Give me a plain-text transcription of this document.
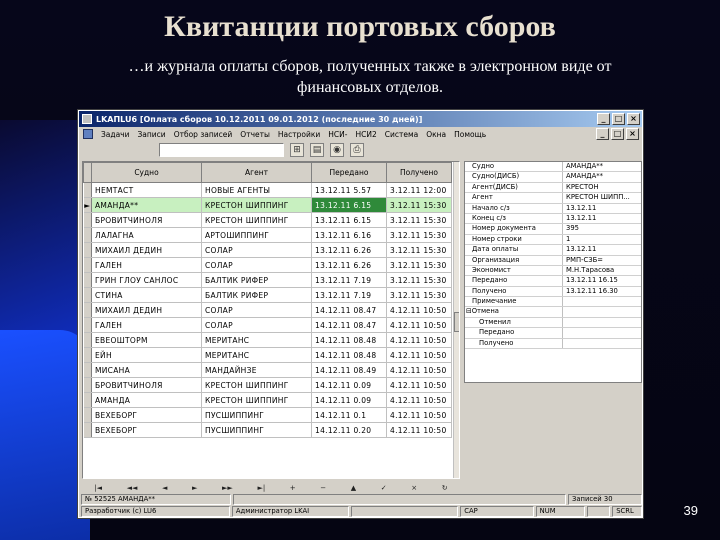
Квитанции портовых сборов
…и журнала оплаты сборов, полученных также в электронном виде от
финансовых отделов.
LKAПLU6 [Оплата сборов 10.12.2011 09.01.2012 (последние 30 дней)]	_	□ ×
Задачи Записи Отбор записей Отчеты Настройки НСИ- НСИ2 Система Окна Помощь	_	□ ×
⊞	▤	◉	⎙
	Судно	Агент	Передано	Получено
	НЕМТАСТ	НОВЫЕ АГЕНТЫ	13.12.11 5.57	3.12.11 12:00
►	АМАНДА**	КРЕСТОН ШИППИНГ	13.12.11 6.15	3.12.11 15:30
	БРОВИТЧИНОЛЯ	КРЕСТОН ШИППИНГ	13.12.11 6.15	3.12.11 15:30
	ЛАЛАГНА	АРТОШИППИНГ	13.12.11 6.16	3.12.11 15:30
	МИХАИЛ ДЕДИН	СОЛАР	13.12.11 6.26	3.12.11 15:30
	ГАЛЕН	СОЛАР	13.12.11 6.26	3.12.11 15:30
	ГРИН ГЛОУ САНЛОС	БАЛТИК РИФЕР	13.12.11 7.19	3.12.11 15:30
	СТИНА	БАЛТИК РИФЕР	13.12.11 7.19	3.12.11 15:30
	МИХАИЛ ДЕДИН	СОЛАР	14.12.11 08.47	4.12.11 10:50
	ГАЛЕН	СОЛАР	14.12.11 08.47	4.12.11 10:50
	ЕВЕОШТОРМ	МЕРИТАНС	14.12.11 08.48	4.12.11 10:50
	ЕЙН	МЕРИТАНС	14.12.11 08.48	4.12.11 10:50
	МИСАНА	МАНДАЙНЗЕ	14.12.11 08.49	4.12.11 10:50
	БРОВИТЧИНОЛЯ	КРЕСТОН ШИППИНГ	14.12.11 0.09	4.12.11 10:50
	АМАНДА	КРЕСТОН ШИППИНГ	14.12.11 0.09	4.12.11 10:50
	ВЕХЕБОРГ	ПУСШИППИНГ	14.12.11 0.1	4.12.11 10:50
	ВЕХЕБОРГ	ПУСШИППИНГ	14.12.11 0.20	4.12.11 10:50
Судно	АМАНДА**
Судно(ДИСБ)	АМАНДА**
Агент(ДИСБ)	КРЕСТОН
Агент	КРЕСТОН ШИПП...
Начало с/з	13.12.11
Конец с/з	13.12.11
Номер документа	395
Номер строки	1
Дата оплаты	13.12.11
Организация	РМП-СЗБ=
Экономист	М.Н.Тарасова
Передано	13.12.11 16.15
Получено	13.12.11 16.30
Примечание
⊟Отмена
Отменил
Передано
Получено
|◄	◄◄	◄	►	►►	►|	+	−	▲	✓	×	↻
№ 52525 АМАНДА**	Записей 30
Разработчик (с) LU6	Администратор LKAI	CAP	NUM	SCRL	39
